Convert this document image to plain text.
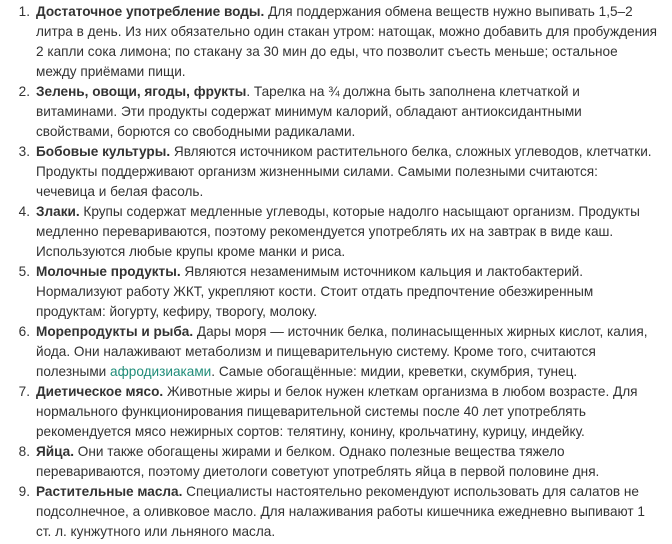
1. Достаточное употребление воды. Для поддержания обмена веществ нужно выпивать 1,5–2 литра в день. Из них обязательно один стакан утром: натощак, можно добавить для пробуждения 2 капли сока лимона; по стакану за 30 мин до еды, что позволит съесть меньше; остальное между приёмами пищи.
2. Зелень, овощи, ягоды, фрукты. Тарелка на ¾ должна быть заполнена клетчаткой и витаминами. Эти продукты содержат минимум калорий, обладают антиоксидантными свойствами, борются со свободными радикалами.
3. Бобовые культуры. Являются источником растительного белка, сложных углеводов, клетчатки. Продукты поддерживают организм жизненными силами. Самыми полезными считаются: чечевица и белая фасоль.
4. Злаки. Крупы содержат медленные углеводы, которые надолго насыщают организм. Продукты медленно перевариваются, поэтому рекомендуется употреблять их на завтрак в виде каш. Используются любые крупы кроме манки и риса.
5. Молочные продукты. Являются незаменимым источником кальция и лактобактерий. Нормализуют работу ЖКТ, укрепляют кости. Стоит отдать предпочтение обезжиренным продуктам: йогурту, кефиру, творогу, молоку.
6. Морепродукты и рыба. Дары моря — источник белка, полинасыщенных жирных кислот, калия, йода. Они налаживают метаболизм и пищеварительную систему. Кроме того, считаются полезными афродизиаками. Самые обогащённые: мидии, креветки, скумбрия, тунец.
7. Диетическое мясо. Животные жиры и белок нужен клеткам организма в любом возрасте. Для нормального функционирования пищеварительной системы после 40 лет употреблять рекомендуется мясо нежирных сортов: телятину, конину, крольчатину, курицу, индейку.
8. Яйца. Они также обогащены жирами и белком. Однако полезные вещества тяжело перевариваются, поэтому диетологи советуют употреблять яйца в первой половине дня.
9. Растительные масла. Специалисты настоятельно рекомендуют использовать для салатов не подсолнечное, а оливковое масло. Для налаживания работы кишечника ежедневно выпивают 1 ст. л. кунжутного или льняного масла.
